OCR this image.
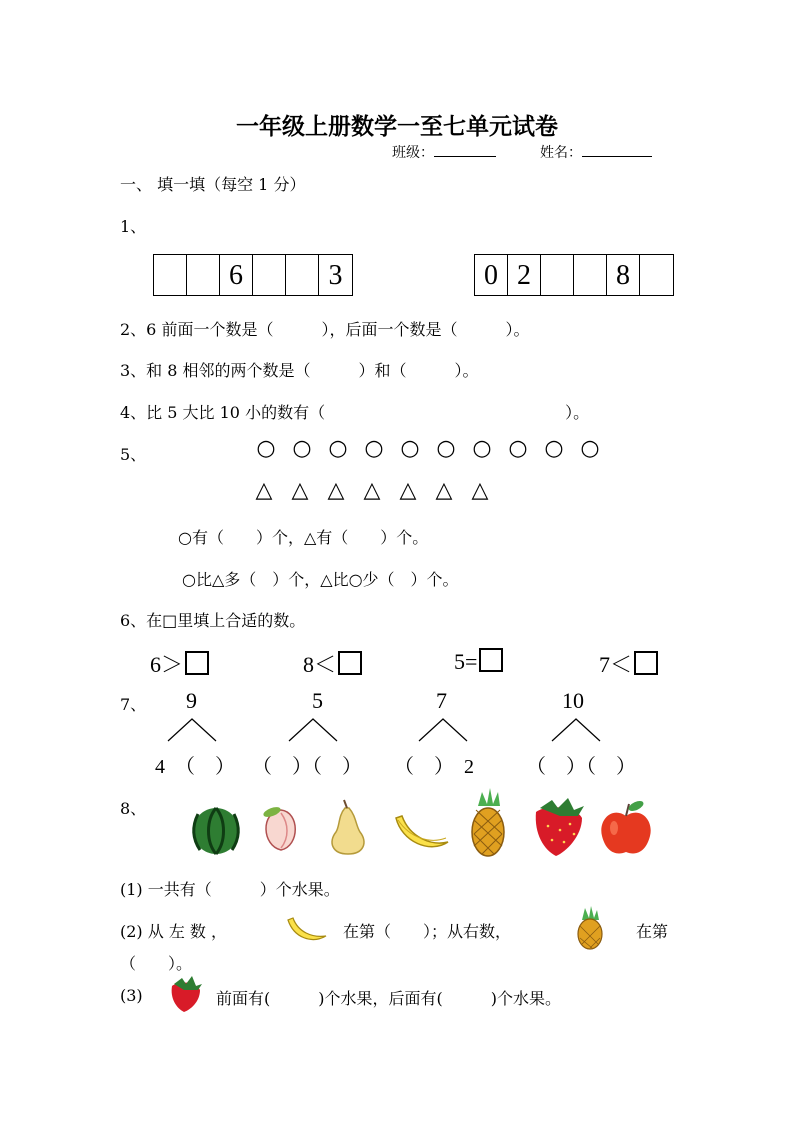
一年级上册数学一至七单元试卷
班级：	姓名：
一、 填一填（每空 1 分）
1、
6	3	0 2	8
2、6 前面一个数是（　　　），后面一个数是（　　　）。
3、和 8 相邻的两个数是（　　　）和（　　　）。
4、比 5 大比 10 小的数有（　　　　　　　　　　　　　　　）。
5、	○ ○ ○ ○ ○ ○ ○ ○ ○ ○
△ △ △ △ △ △ △
○有（　　）个，△有（　　）个。
○比△多（　）个，△比○少（　）个。
6、在□里填上合适的数。
6＞	8＜	5=	7＜
7、 9	5	7	10
4　（　） （　）（　） （　）　2	（　）（　）
8、
(1) 一共有（　　　）个水果。
(2) 从 左 数 ，	在第（　　）；从右数，	在第
（　　）。
(3)	前面有(　　　)个水果，后面有(　　　)个水果。
